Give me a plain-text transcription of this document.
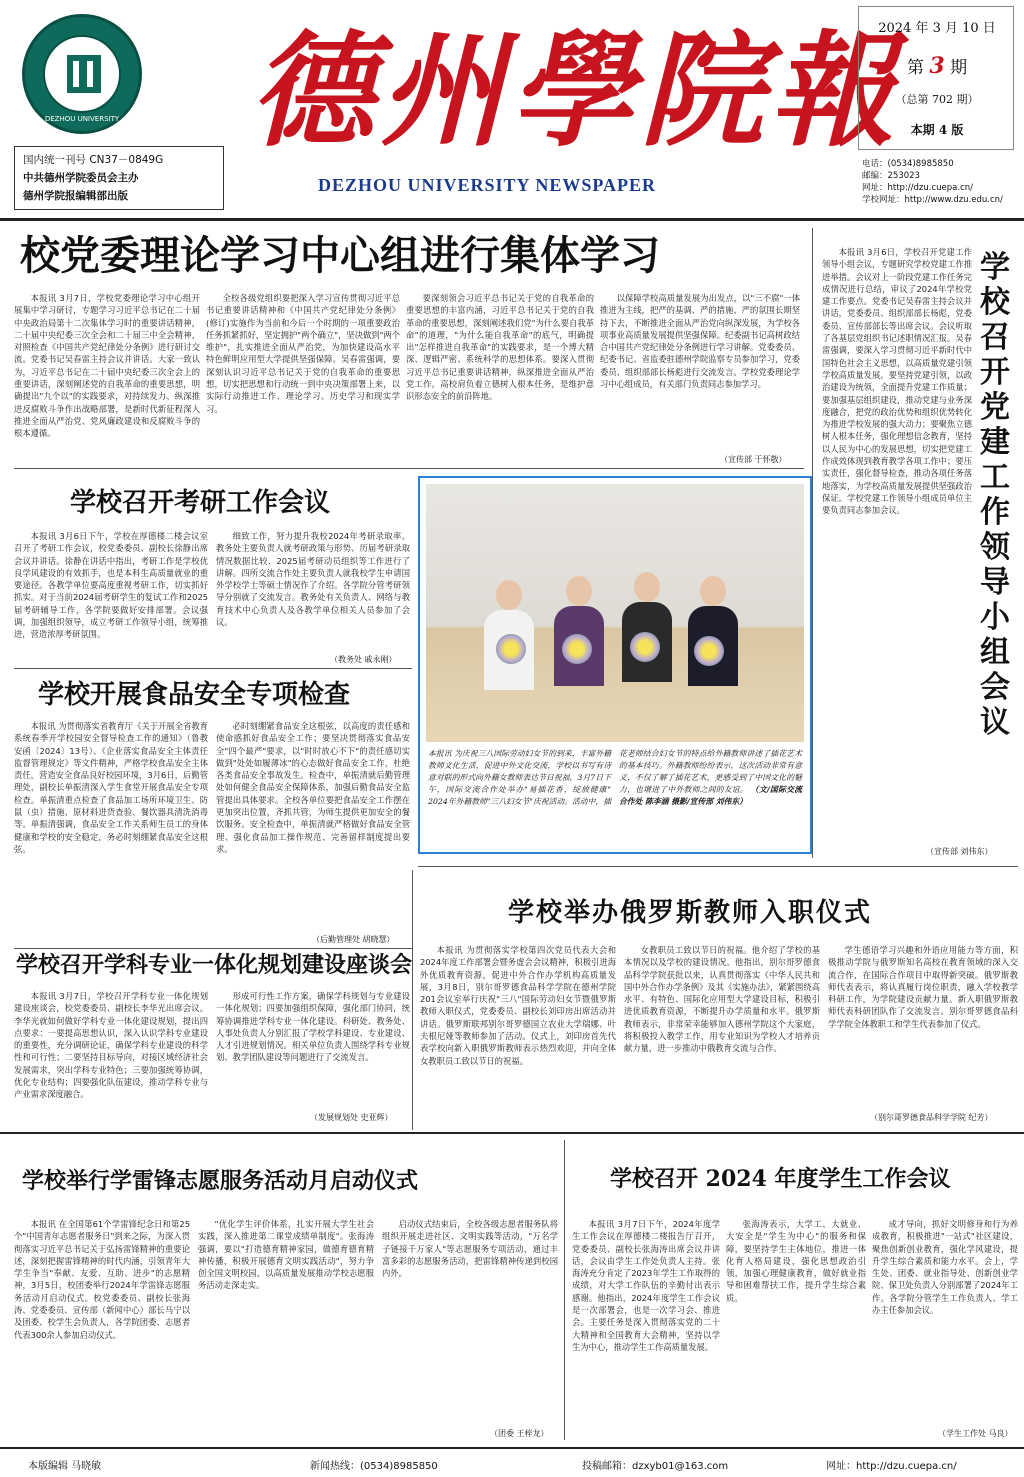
DEZHOU UNIVERSITY 德州學院報
DEZHOU UNIVERSITY NEWSPAPER
国内统一刊号 CN37－0849G
中共德州学院委员会主办
德州学院报编辑部出版
2024 年 3 月 10 日
第 3 期
（总第 702 期）
本期 4 版
电话：(0534)8985850
邮编：253023
网址：http://dzu.cuepa.cn/
学校网址：http://www.dzu.edu.cn/
校党委理论学习中心组进行集体学习

本报讯 3月7日，学校党委理论学习中心组开展集中学习研讨，专题学习习近平总书记在二十届中央政治局第十二次集体学习时的重要讲话精神，二十届中央纪委三次全会和二十届三中全会精神，对照检查《中国共产党纪律处分条例》进行研讨交流。党委书记吴春雷主持会议并讲话。大家一致认为，习近平总书记在二十届中央纪委三次全会上的重要讲话，深刻阐述党的自我革命的重要思想，明确提出"九个以"的实践要求，对持续发力、纵深推进反腐败斗争作出战略部署，是新时代新征程深入推进全面从严治党、党风廉政建设和反腐败斗争的根本遵循。

全校各级党组织要把深入学习宣传贯彻习近平总书记重要讲话精神和《中国共产党纪律处分条例》(修订)实施作为当前和今后一个时期的一项重要政治任务抓紧抓好，坚定拥护"两个确立"，坚决做到"两个维护"，扎实推进全面从严治党，为加快建设高水平特色鲜明应用型大学提供坚强保障。吴春雷强调，要深刻认识习近平总书记关于党的自我革命的重要思想，切实把思想和行动统一到中央决策部署上来，以实际行动推进工作、理论学习、历史学习和现实学习。

要深刻领会习近平总书记关于党的自我革命的重要思想的丰富内涵，习近平总书记关于党的自我革命的重要思想，深刻阐述我们党"为什么要自我革命"的道理，"为什么能自我革命"的底气，明确提出"怎样推进自我革命"的实践要求，是一个博大精深、逻辑严密、系统科学的思想体系。要深入贯彻习近平总书记重要讲话精神，纵深推进全面从严治党工作。高校肩负着立德树人根本任务，是维护意识形态安全的前沿阵地。

以保障学校高质量发展为出发点，以"三不腐"一体推进为主线，把严的基调、严的措施、严的氛围长期坚持下去，不断推进全面从严治党向纵深发展，为学校各项事业高质量发展提供坚强保障。纪委副书记高树政结合中国共产党纪律处分条例进行学习讲解。党委委员、纪委书记、省监委驻德州学院监察专员参加学习，党委委员、组织部部长杨彪进行交流发言。学校党委理论学习中心组成员，有关部门负责同志参加学习。

（宣传部 于怀敬）
学校召开考研工作会议

本报讯 3月6日下午，学校在厚德楼二楼会议室召开了考研工作会议，校党委委员、副校长徐静出席会议并讲话。徐静在讲话中指出，考研工作是学校优良学风建设的有效抓手，也是本科生高质量就业的重要途径。各教学单位要高度重视考研工作，切实抓好抓实。对于当前2024届考研学生的复试工作和2025届考研辅导工作，各学院要做好安排部署。会议强调，加强组织领导，成立考研工作领导小组，统筹推进，营造浓厚考研氛围。

细致工作，努力提升我校2024年考研录取率。教务处主要负责人就考研政策与形势、历届考研录取情况数据比较、2025届考研动员组织等工作进行了讲解。四所交流合作处主要负责人就我校学生申请国外学校学士等硕士情况作了介绍。各学院分管考研领导分别就了交流发言。教务处有关负责人、网络与教育技术中心负责人及各教学单位相关人员参加了会议。

（教务处 戚永刚）
学校开展食品安全专项检查

本报讯 为贯彻落实省教育厅《关于开展全省教育系统春季开学校园安全督导检查工作的通知》（鲁教安函〔2024〕13号）、《企业落实食品安全主体责任监督管理规定》等文件精神，严格学校食品安全主体责任，营造安全食品良好校园环境，3月6日，后勤管理处，副校长单振清深入学生食堂开展食品安全专项检查。单振清重点检查了食品加工场所环境卫生、防鼠（虫）措施、原材料进货查验、餐饮器具清洗消毒等。单振清强调，食品安全工作关系师生员工的身体健康和学校的安全稳定，务必时刻绷紧食品安全这根弦。

必时刻绷紧食品安全这根弦，以高度的责任感和使命感抓好食品安全工作；要坚决贯彻落实食品安全"四个最严"要求，以"时时放心不下"的责任感切实做到"处处如履薄冰"的心态做好食品安全工作，杜绝各类食品安全事故发生。检查中，单振清就后勤管理处如何健全食品安全保障体系，加强后勤食品安全监管提出具体要求。全校各单位要把食品安全工作摆在更加突出位置，齐抓共管，为师生提供更加安全的餐饮服务。安全检查中，单振清就严格做好食品安全管理、强化食品加工操作规范、完善留样制度提出要求。

（后勤管理处 胡晓慧）
本报讯 为庆祝三八国际劳动妇女节的到来，丰富外籍教师文化生活，促进中外文化交流，学校以书写有诗意对联的形式向外籍女教师表达节日祝福，3月7日下午，国际交流合作处举办"易插花香，绽放健康" 2024年外籍教师"三八妇女节"庆祝活动。活动中，插花老师结合妇女节的特点给外籍教师讲述了插花艺术的基本技巧。外籍教师纷纷表示，这次活动非常有意义，不仅了解了插花艺术，更感受到了中国文化的魅力，也增进了中外教师之间的友谊。 （文/国际交流合作处 陈李涵 摄影/宣传部 刘伟东）
学校召开党建工作领导小组会议

本报讯 3月6日，学校召开党建工作领导小组会议，专题研究学校党建工作推进举措。会议对上一阶段党建工作任务完成情况进行总结，审议了2024年学校党建工作要点。党委书记吴春雷主持会议并讲话，党委委员、组织部部长杨彪，党委委员、宣传部部长等出席会议。会议听取了各基层党组织书记述职情况汇报。吴春雷强调，要深入学习贯彻习近平新时代中国特色社会主义思想，以高质量党建引领学校高质量发展。要坚持党建引领，以政治建设为统领，全面提升党建工作质量；要加强基层组织建设，推动党建与业务深度融合，把党的政治优势和组织优势转化为推进学校发展的强大动力；要聚焦立德树人根本任务，强化理想信念教育，坚持以人民为中心的发展思想，切实把党建工作成效体现到教育教学各项工作中；要压实责任，强化督导检查，推动各项任务落地落实，为学校高质量发展提供坚强政治保证。学校党建工作领导小组成员单位主要负责同志参加会议。

（宣传部 刘伟东）
学校举办俄罗斯教师入职仪式

本报讯 为贯彻落实学校第四次党员代表大会和2024年度工作部署会暨务虚会会议精神，积极引进海外优质教育资源，促进中外合作办学机构高质量发展，3月8日，别尔哥罗德食品科学学院在德州学院201会议室举行庆祝"三八"国际劳动妇女节暨俄罗斯教师入职仪式，党委委员、副校长刘印房出席活动并讲话。俄罗斯联邦别尔哥罗德国立农业大学瑞娜、叶夫根尼娅等教师参加了活动。仪式上，刘印房首先代表学校向新入职俄罗斯教师表示热烈欢迎，并向全体女教职员工致以节日的祝福。

女教职员工致以节日的祝福。他介绍了学校的基本情况以及学校的建设情况。他指出，别尔哥罗德食品科学学院获批以来，认真贯彻落实《中华人民共和国中外合作办学条例》及其《实施办法》，紧紧围绕高水平、有特色、国际化应用型大学建设目标，积极引进优质教育资源，不断提升办学质量和水平。俄罗斯教师表示，非常荣幸能够加入德州学院这个大家庭，将积极投入教学工作，用专业知识为学校人才培养贡献力量，进一步推动中俄教育交流与合作。

学生德语学习兴趣和外语应用能力等方面，积极推动学院与俄罗斯知名高校在教育领域的深入交流合作，在国际合作项目中取得新突破。俄罗斯教师代表表示，将认真履行岗位职责，融入学校教学科研工作，为学院建设贡献力量。新入职俄罗斯教师代表科研团队作了交流发言。别尔哥罗德食品科学学院全体教职工和学生代表参加了仪式。

（别尔哥罗德食品科学学院 纪芳）
学校召开学科专业一体化规划建设座谈会

本报讯 3月7日，学校召开学科专业一体化规划建设座谈会，校党委委员、副校长李华光出席会议。李华光就如何做好学科专业一体化建设规划，提出四点要求：一要提高思想认识，深入认识学科专业建设的重要性，充分调研论证，确保学科专业建设的科学性和可行性；二要坚持目标导向，对接区域经济社会发展需求，突出学科专业特色；三要加强统筹协调，优化专业结构；四要强化队伍建设，推动学科专业与产业需求深度融合。

形成可行性工作方案，确保学科规划与专业建设一体化规划；四要加强组织保障，强化部门协同，统筹协调推进学科专业一体化建设。科研处、教务处、人事处负责人分别汇报了学校学科建设、专业建设、人才引进规划情况。相关单位负责人围绕学科专业规划、教学团队建设等问题进行了交流发言。

（发展规划处 史亚辉）
学校举行学雷锋志愿服务活动月启动仪式

本报讯 在全国第61个学雷锋纪念日和第25个"中国青年志愿者服务日"到来之际，为深入贯彻落实习近平总书记关于弘扬雷锋精神的重要论述，深刻把握雷锋精神的时代内涵，引领青年大学生争当"奉献、友爱、互助、进步"的志愿精神，3月5日，校团委举行2024年学雷锋志愿服务活动月启动仪式。校党委委员、副校长张海涛、党委委员、宣传部（新闻中心）部长马宁以及团委、校学生会负责人，各学院团委、志愿者代表300余人参加启动仪式。

"优化学生评价体系，扎实开展大学生社会实践，深入推进第二课堂成绩单制度"。张海涛强调，要以"打造德育精神家园，做德育德育精神传播，积极开展德育文明实践活动"，努力争创全国文明校园，以高质量发展推动学校志愿服务活动走深走实。

启动仪式结束后，全校各级志愿者服务队将组织开展走进社区、文明实践等活动，"万名学子链接千万家人"等志愿服务专项活动，通过丰富多彩的志愿服务活动，把雷锋精神传递到校园内外。

（团委 王梓龙）
学校召开 2024 年度学生工作会议

本报讯 3月7日下午，2024年度学生工作会议在厚德楼二楼报告厅召开，党委委员、副校长张海涛出席会议并讲话，会议由学生工作处负责人主持。张海涛充分肯定了2023年学生工作取得的成绩，对大学工作队伍的辛勤付出表示感谢。他指出，2024年度学生工作会议是一次部署会，也是一次学习会、推进会。主要任务是深入贯彻落实党的二十大精神和全国教育大会精神，坚持以学生为中心，推动学生工作高质量发展。

张海涛表示，大学工、大就业、大安全是"学生为中心"的服务和保障，要坚持学生主体地位，推进一体化育人格局建设，强化思想政治引领，加强心理健康教育，做好就业指导和困难帮扶工作，提升学生综合素质。

成才导向，抓好文明修身和行为养成教育，积极推进"一站式"社区建设，聚焦创新创业教育，强化学风建设，提升学生综合素质和能力水平。会上，学生处、团委、就业指导处、创新创业学院、保卫处负责人分别部署了2024年工作。各学院分管学生工作负责人、学工办主任参加会议。

（学生工作处 马良）
本版编辑 马晓敏	新闻热线：(0534)8985850	投稿邮箱：dzxyb01@163.com	网址：http://dzu.cuepa.cn/
